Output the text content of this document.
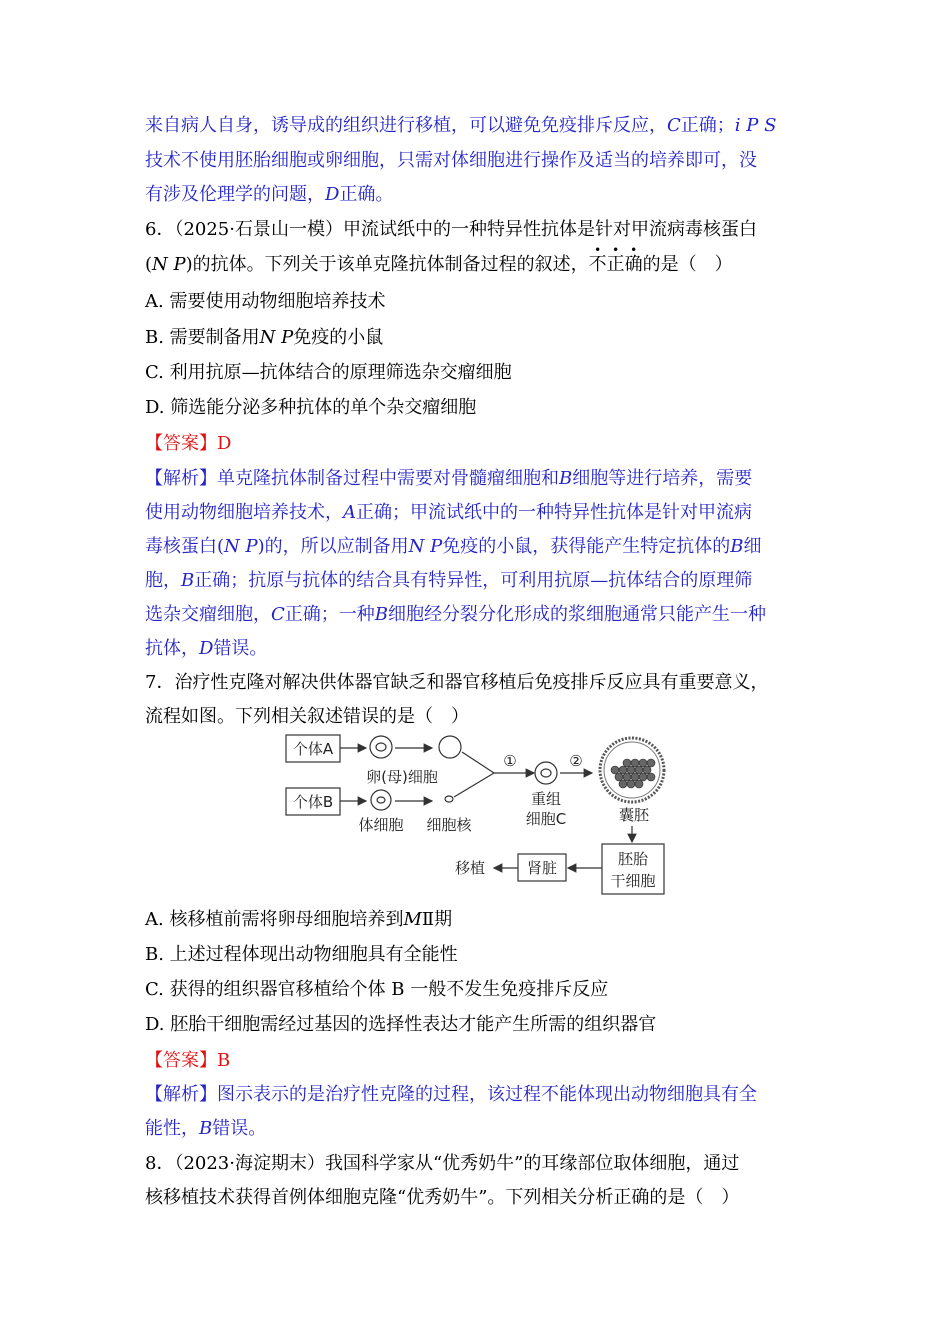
来自病人自身，诱导成的组织进行移植，可以避免免疫排斥反应，C正确；i P S
技术不使用胚胎细胞或卵细胞，只需对体细胞进行操作及适当的培养即可，没
有涉及伦理学的问题，D正确。
6．（2025·石景山一模）甲流试纸中的一种特异性抗体是针对甲流病毒核蛋白
(N P)的抗体。下列关于该单克隆抗体制备过程的叙述，
•
不
•
正
•
确的是（　）
A. 需要使用动物细胞培养技术
B. 需要制备用N P免疫的小鼠
C. 利用抗原—抗体结合的原理筛选杂交瘤细胞
D. 筛选能分泌多种抗体的单个杂交瘤细胞
【答案】D
【解析】单克隆抗体制备过程中需要对骨髓瘤细胞和B细胞等进行培养，需要
使用动物细胞培养技术，A正确；甲流试纸中的一种特异性抗体是针对甲流病
毒核蛋白(N P)的，所以应制备用N P免疫的小鼠，获得能产生特定抗体的B细
胞，B正确；抗原与抗体的结合具有特异性，可利用抗原—抗体结合的原理筛
选杂交瘤细胞，C正确；一种B细胞经分裂分化形成的浆细胞通常只能产生一种
抗体，D错误。
7．治疗性克隆对解决供体器官缺乏和器官移植后免疫排斥反应具有重要意义，
流程如图。下列相关叙述错误的是（　）
个体A
卵(母)细胞
个体B
体细胞 细胞核
①
重组
细胞C
②
囊胚
胚胎
干细胞
肾脏
移植
A. 核移植前需将卵母细胞培养到MⅡ期
B. 上述过程体现出动物细胞具有全能性
C. 获得的组织器官移植给个体 B 一般不发生免疫排斥反应
D. 胚胎干细胞需经过基因的选择性表达才能产生所需的组织器官
【答案】B
【解析】图示表示的是治疗性克隆的过程，该过程不能体现出动物细胞具有全
能性，B错误。
8．（2023·海淀期末）我国科学家从“优秀奶牛”的耳缘部位取体细胞，通过
核移植技术获得首例体细胞克隆“优秀奶牛”。下列相关分析正确的是（　）
